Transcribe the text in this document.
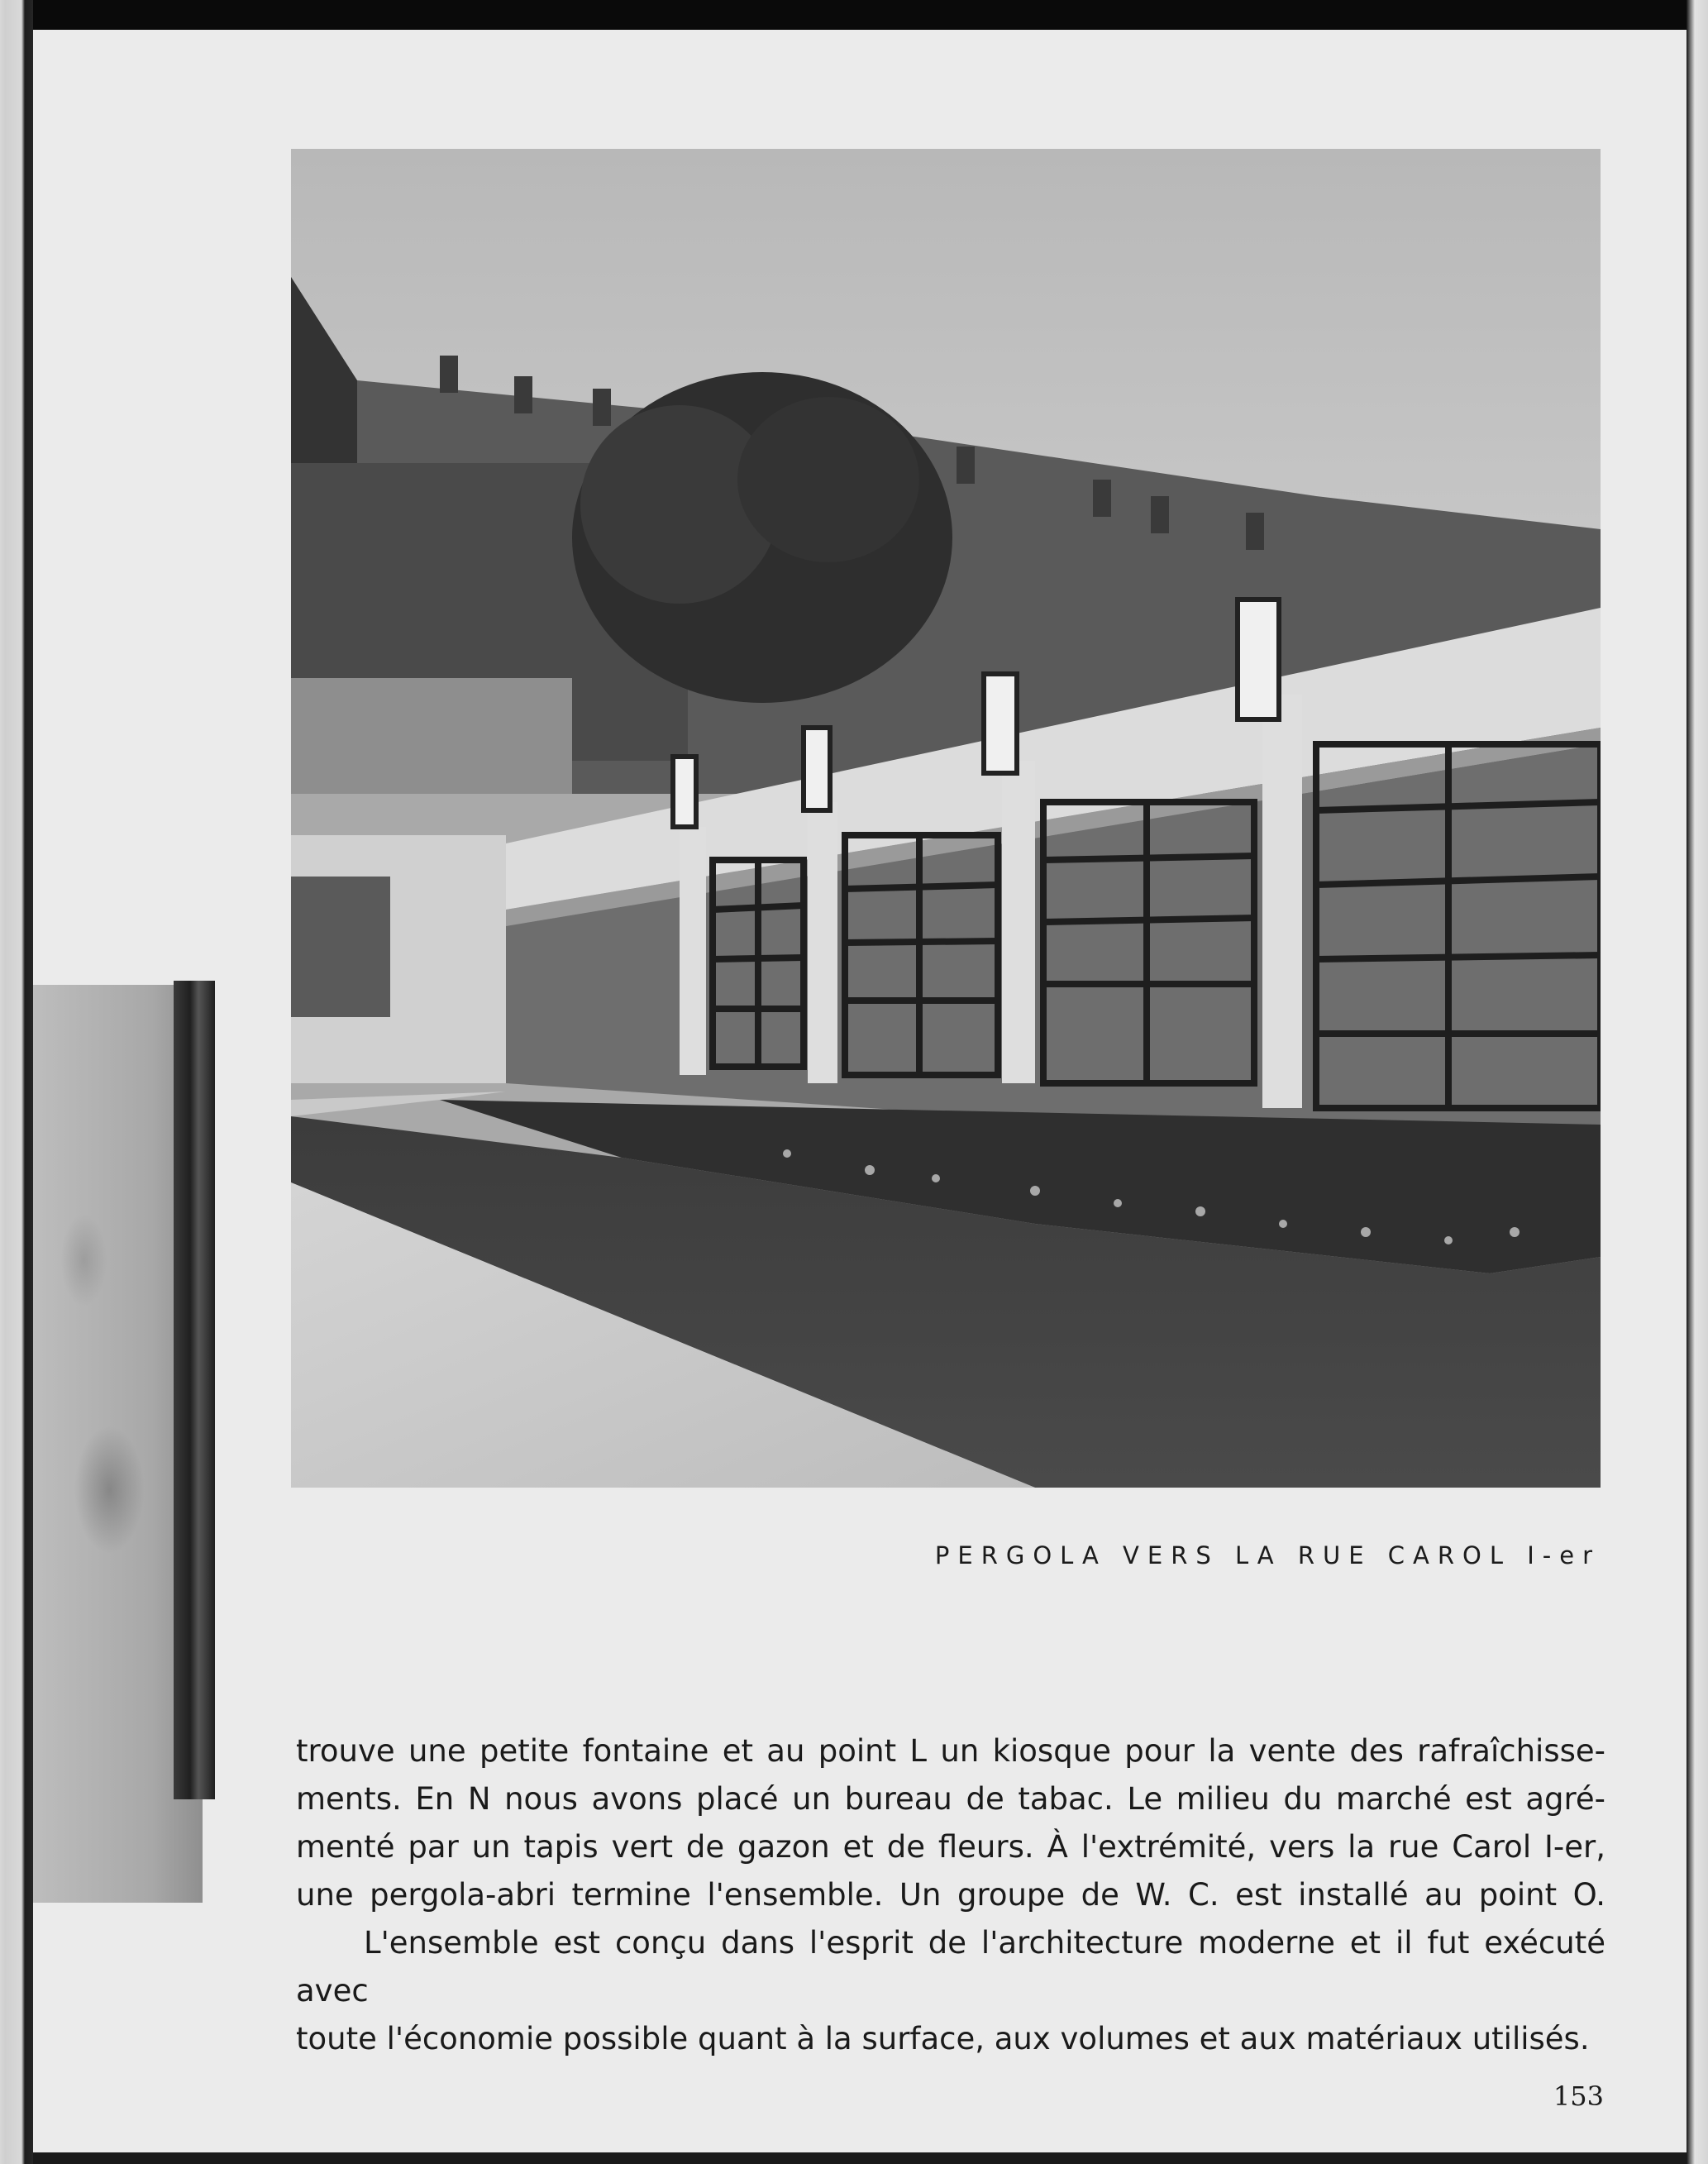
PERGOLA VERS LA RUE CAROL I-er

trouve une petite fontaine et au point L un kiosque pour la vente des rafraîchisse-

ments. En N nous avons placé un bureau de tabac. Le milieu du marché est agré-

menté par un tapis vert de gazon et de fleurs. À l'extrémité, vers la rue Carol I-er,

une pergola-abri termine l'ensemble. Un groupe de W. C. est installé au point O.

L'ensemble est conçu dans l'esprit de l'architecture moderne et il fut exécuté avec

toute l'économie possible quant à la surface, aux volumes et aux matériaux utilisés.

153
